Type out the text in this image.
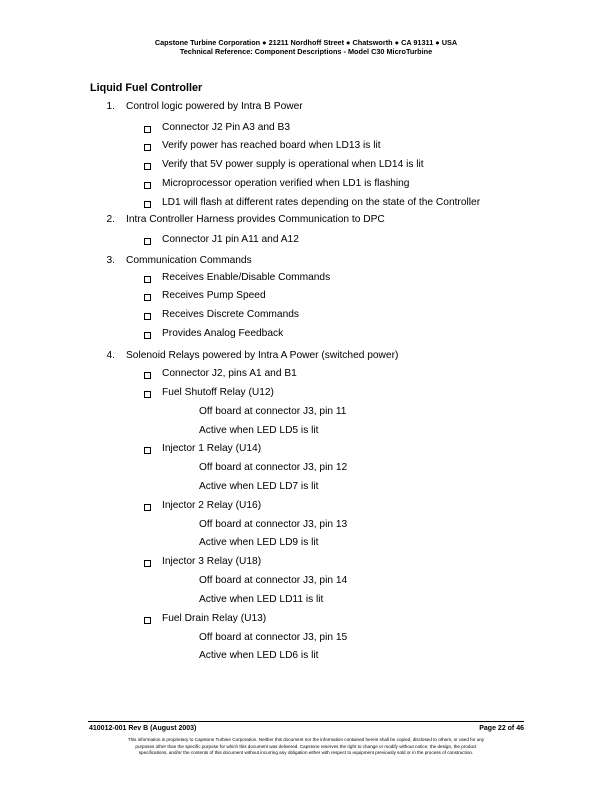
Capstone Turbine Corporation ● 21211 Nordhoff Street ● Chatsworth ● CA 91311 ● USA
Technical Reference: Component Descriptions - Model C30 MicroTurbine
Liquid Fuel Controller
1. Control logic powered by Intra B Power
Connector J2 Pin A3 and B3
Verify power has reached board when LD13 is lit
Verify that 5V power supply is operational when LD14 is lit
Microprocessor operation verified when LD1 is flashing
LD1 will flash at different rates depending on the state of the Controller
2. Intra Controller Harness provides Communication to DPC
Connector J1 pin A11 and A12
3. Communication Commands
Receives Enable/Disable Commands
Receives Pump Speed
Receives Discrete Commands
Provides Analog Feedback
4. Solenoid Relays powered by Intra A Power (switched power)
Connector J2, pins A1 and B1
Fuel Shutoff Relay (U12)
Off board at connector J3, pin 11
Active when LED LD5 is lit
Injector 1 Relay (U14)
Off board at connector J3, pin 12
Active when LED LD7 is lit
Injector 2 Relay (U16)
Off board at connector J3, pin 13
Active when LED LD9 is lit
Injector 3 Relay (U18)
Off board at connector J3, pin 14
Active when LED LD11 is lit
Fuel Drain Relay (U13)
Off board at connector J3, pin 15
Active when LED LD6 is lit
410012-001 Rev B (August 2003)	Page 22 of 46
This information is proprietary to Capstone Turbine Corporation. Neither this document nor the information contained herein shall be copied, disclosed to others, or used for any
purposes other than the specific purpose for which this document was delivered. Capstone reserves the right to change or modify without notice, the design, the product
specifications, and/or the contents of this document without incurring any obligation either with respect to equipment previously sold or in the process of construction.
